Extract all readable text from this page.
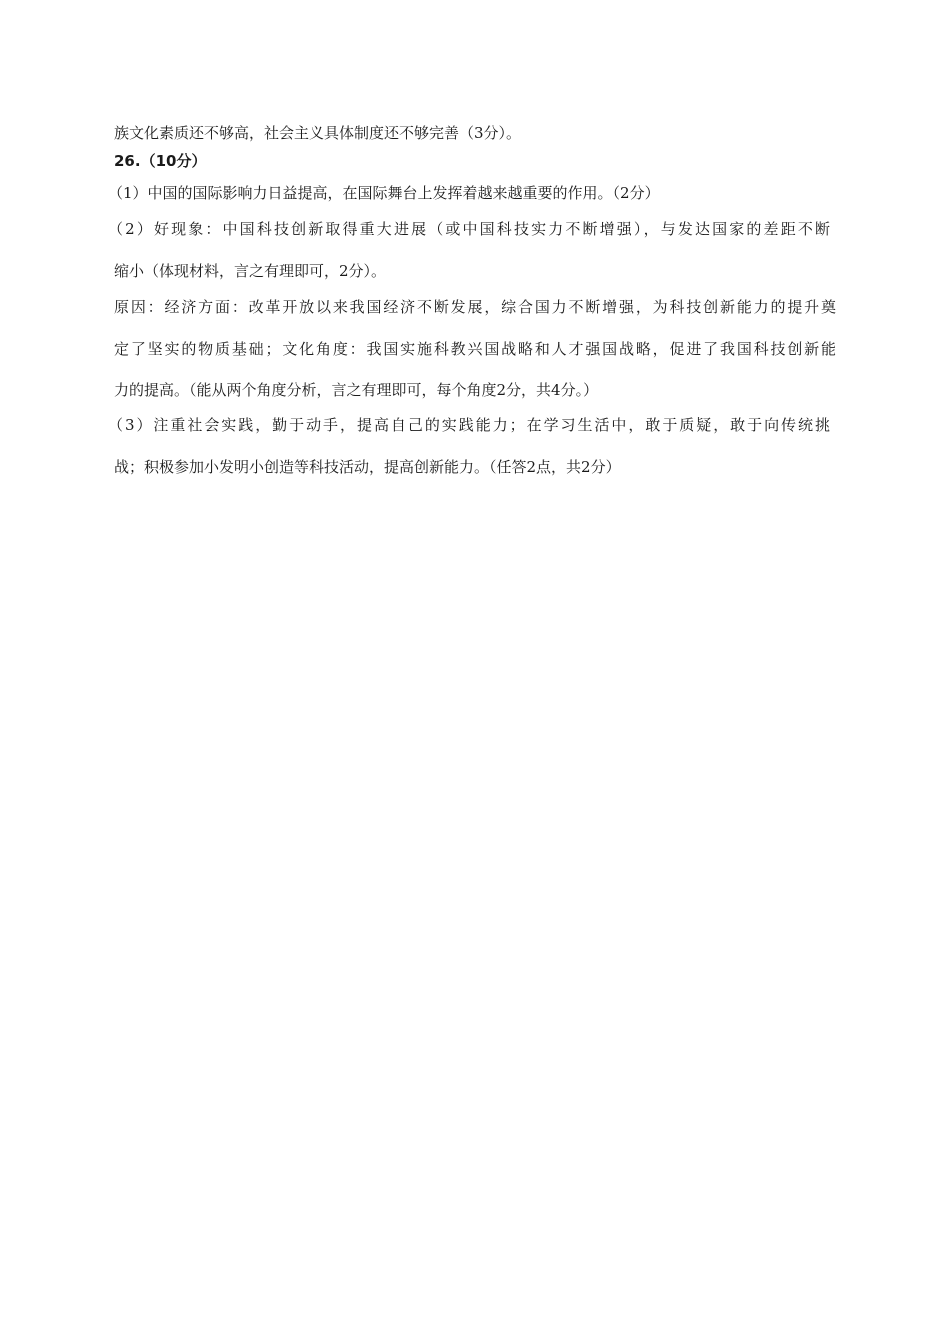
族文化素质还不够高，社会主义具体制度还不够完善（3分）。
26.（10分）
（1）中国的国际影响力日益提高，在国际舞台上发挥着越来越重要的作用。（2分）
（2）好现象：中国科技创新取得重大进展（或中国科技实力不断增强），与发达国家的差距不断
缩小（体现材料，言之有理即可，2分）。
原因：经济方面：改革开放以来我国经济不断发展，综合国力不断增强，为科技创新能力的提升奠
定了坚实的物质基础；文化角度：我国实施科教兴国战略和人才强国战略，促进了我国科技创新能
力的提高。（能从两个角度分析，言之有理即可，每个角度2分，共4分。）
（3）注重社会实践，勤于动手，提高自己的实践能力；在学习生活中，敢于质疑，敢于向传统挑
战；积极参加小发明小创造等科技活动，提高创新能力。（任答2点，共2分）
